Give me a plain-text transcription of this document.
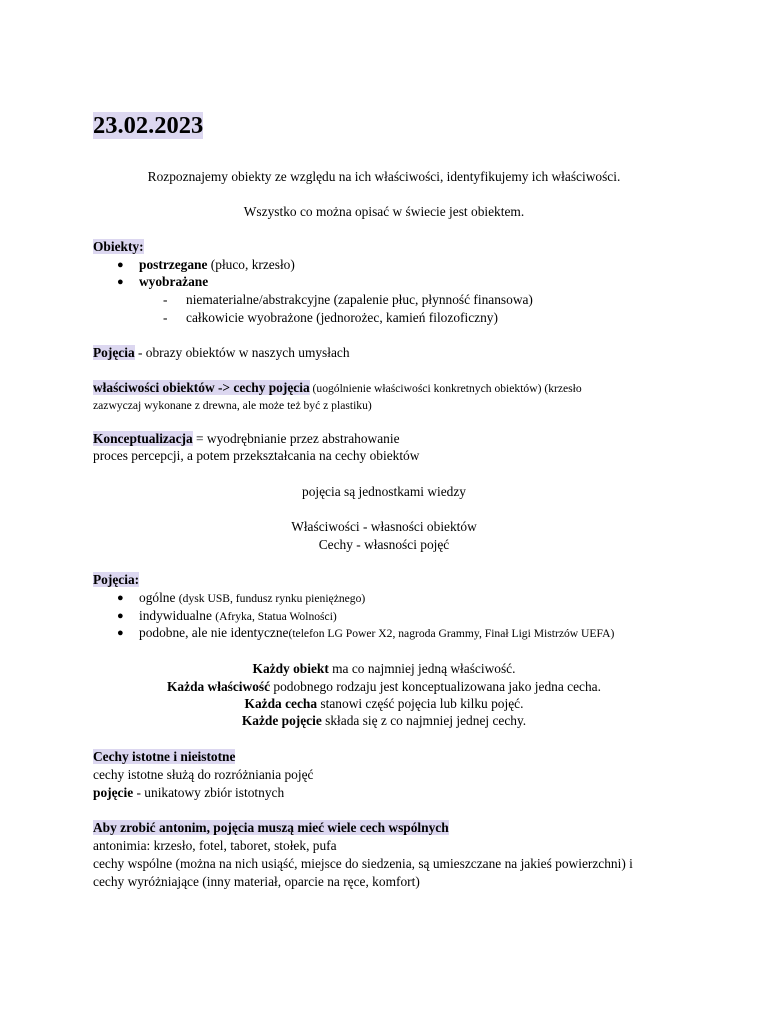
23.02.2023
Rozpoznajemy obiekty ze względu na ich właściwości, identyfikujemy ich właściwości.
Wszystko co można opisać w świecie jest obiektem.
Obiekty:
● postrzegane (płuco, krzesło)
● wyobrażane
- niematerialne/abstrakcyjne (zapalenie płuc, płynność finansowa)
- całkowicie wyobrażone (jednorożec, kamień filozoficzny)
Pojęcia - obrazy obiektów w naszych umysłach
właściwości obiektów -> cechy pojęcia (uogólnienie właściwości konkretnych obiektów) (krzesło
zazwyczaj wykonane z drewna, ale może też być z plastiku)
Konceptualizacja = wyodrębnianie przez abstrahowanie
proces percepcji, a potem przekształcania na cechy obiektów
pojęcia są jednostkami wiedzy
Właściwości - własności obiektów
Cechy - własności pojęć
Pojęcia:
● ogólne (dysk USB, fundusz rynku pieniężnego)
● indywidualne (Afryka, Statua Wolności)
● podobne, ale nie identyczne(telefon LG Power X2, nagroda Grammy, Finał Ligi Mistrzów UEFA)
Każdy obiekt ma co najmniej jedną właściwość.
Każda właściwość podobnego rodzaju jest konceptualizowana jako jedna cecha.
Każda cecha stanowi część pojęcia lub kilku pojęć.
Każde pojęcie składa się z co najmniej jednej cechy.
Cechy istotne i nieistotne
cechy istotne służą do rozróżniania pojęć
pojęcie - unikatowy zbiór istotnych
Aby zrobić antonim, pojęcia muszą mieć wiele cech wspólnych
antonimia: krzesło, fotel, taboret, stołek, pufa
cechy wspólne (można na nich usiąść, miejsce do siedzenia, są umieszczane na jakieś powierzchni) i
cechy wyróżniające (inny materiał, oparcie na ręce, komfort)
